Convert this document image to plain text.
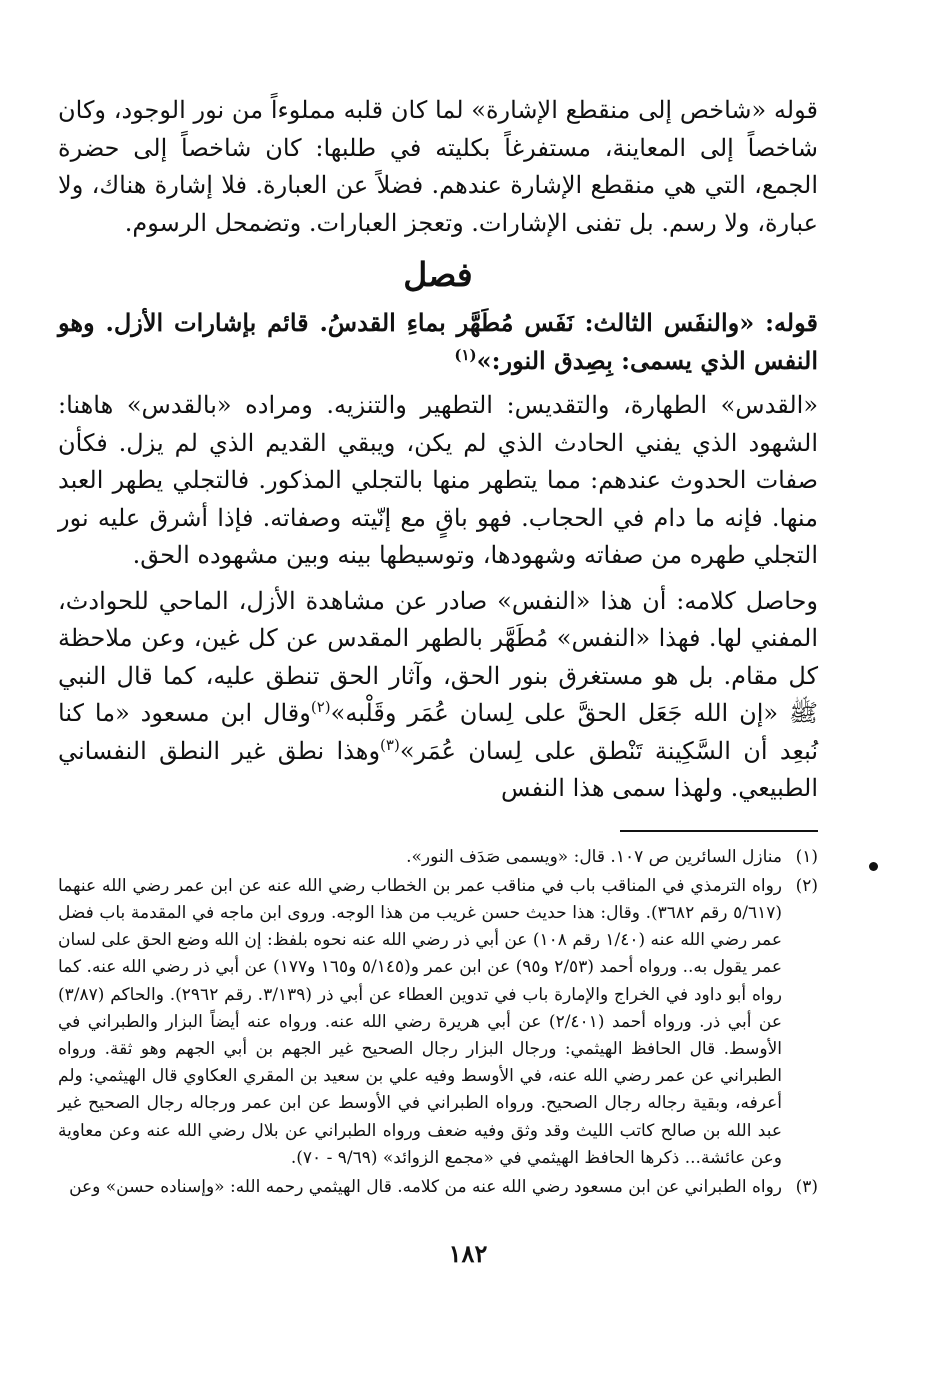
قوله «شاخص إلى منقطع الإشارة» لما كان قلبه مملوءاً من نور الوجود، وكان شاخصاً إلى المعاينة، مستفرغاً بكليته في طلبها: كان شاخصاً إلى حضرة الجمع، التي هي منقطع الإشارة عندهم. فضلاً عن العبارة. فلا إشارة هناك، ولا عبارة، ولا رسم. بل تفنى الإشارات. وتعجز العبارات. وتضمحل الرسوم.

فصل

قوله: «والنفَس الثالث: نَفَس مُطَهَّر بماءِ القدسُ. قائم بإشارات الأزل. وهو النفس الذي يسمى: بِصِدق النور:»$^{(١)}$

«القدس» الطهارة، والتقديس: التطهير والتنزيه. ومراده «بالقدس» هاهنا: الشهود الذي يفني الحادث الذي لم يكن، ويبقي القديم الذي لم يزل. فكأن صفات الحدوث عندهم: مما يتطهر منها بالتجلي المذكور. فالتجلي يطهر العبد منها. فإنه ما دام في الحجاب. فهو باقٍ مع إنّيته وصفاته. فإذا أشرق عليه نور التجلي طهره من صفاته وشهودها، وتوسيطها بينه وبين مشهوده الحق.

وحاصل كلامه: أن هذا «النفس» صادر عن مشاهدة الأزل، الماحي للحوادث، المفني لها. فهذا «النفس» مُطَهَّر بالطهر المقدس عن كل غين، وعن ملاحظة كل مقام. بل هو مستغرق بنور الحق، وآثار الحق تنطق عليه، كما قال النبي ﷺ «إن الله جَعَل الحقَّ على لِسان عُمَر وقَلْبه»$^{(٢)}$وقال ابن مسعود «ما كنا نُبعِد أن السَّكِينة تَنْطق على لِسان عُمَر»$^{(٣)}$وهذا نطق غير النطق النفساني الطبيعي. ولهذا سمى هذا النفس

(١)
منازل السائرين ص ١٠٧. قال: «ويسمى صَدَف النور».
(٢)
رواه الترمذي في المناقب باب في مناقب عمر بن الخطاب رضي الله عنه عن ابن عمر رضي الله عنهما (٥/٦١٧ رقم ٣٦٨٢). وقال: هذا حديث حسن غريب من هذا الوجه. وروى ابن ماجه في المقدمة باب فضل عمر رضي الله عنه (١/٤٠ رقم ١٠٨) عن أبي ذر رضي الله عنه نحوه بلفظ: إن الله وضع الحق على لسان عمر يقول به.. ورواه أحمد (٢/٥٣ و٩٥) عن ابن عمر و(٥/١٤٥ و١٦٥ و١٧٧) عن أبي ذر رضي الله عنه. كما رواه أبو داود في الخراج والإمارة باب في تدوين العطاء عن أبي ذر (٣/١٣٩. رقم ٢٩٦٢). والحاكم (٣/٨٧) عن أبي ذر. ورواه أحمد (٢/٤٠١) عن أبي هريرة رضي الله عنه. ورواه عنه أيضاً البزار والطبراني في الأوسط. قال الحافظ الهيثمي: ورجال البزار رجال الصحيح غير الجهم بن أبي الجهم وهو ثقة. ورواه الطبراني عن عمر رضي الله عنه، في الأوسط وفيه علي بن سعيد بن المقري العكاوي قال الهيثمي: ولم أعرفه، وبقية رجاله رجال الصحيح. ورواه الطبراني في الأوسط عن ابن عمر ورجاله رجال الصحيح غير عبد الله بن صالح كاتب الليث وقد وثق وفيه ضعف ورواه الطبراني عن بلال رضي الله عنه وعن معاوية وعن عائشة... ذكرها الحافظ الهيثمي في «مجمع الزوائد» (٩/٦٩ - ٧٠).
(٣)
رواه الطبراني عن ابن مسعود رضي الله عنه من كلامه. قال الهيثمي رحمه الله: «وإسناده حسن» وعن
١٨٢
